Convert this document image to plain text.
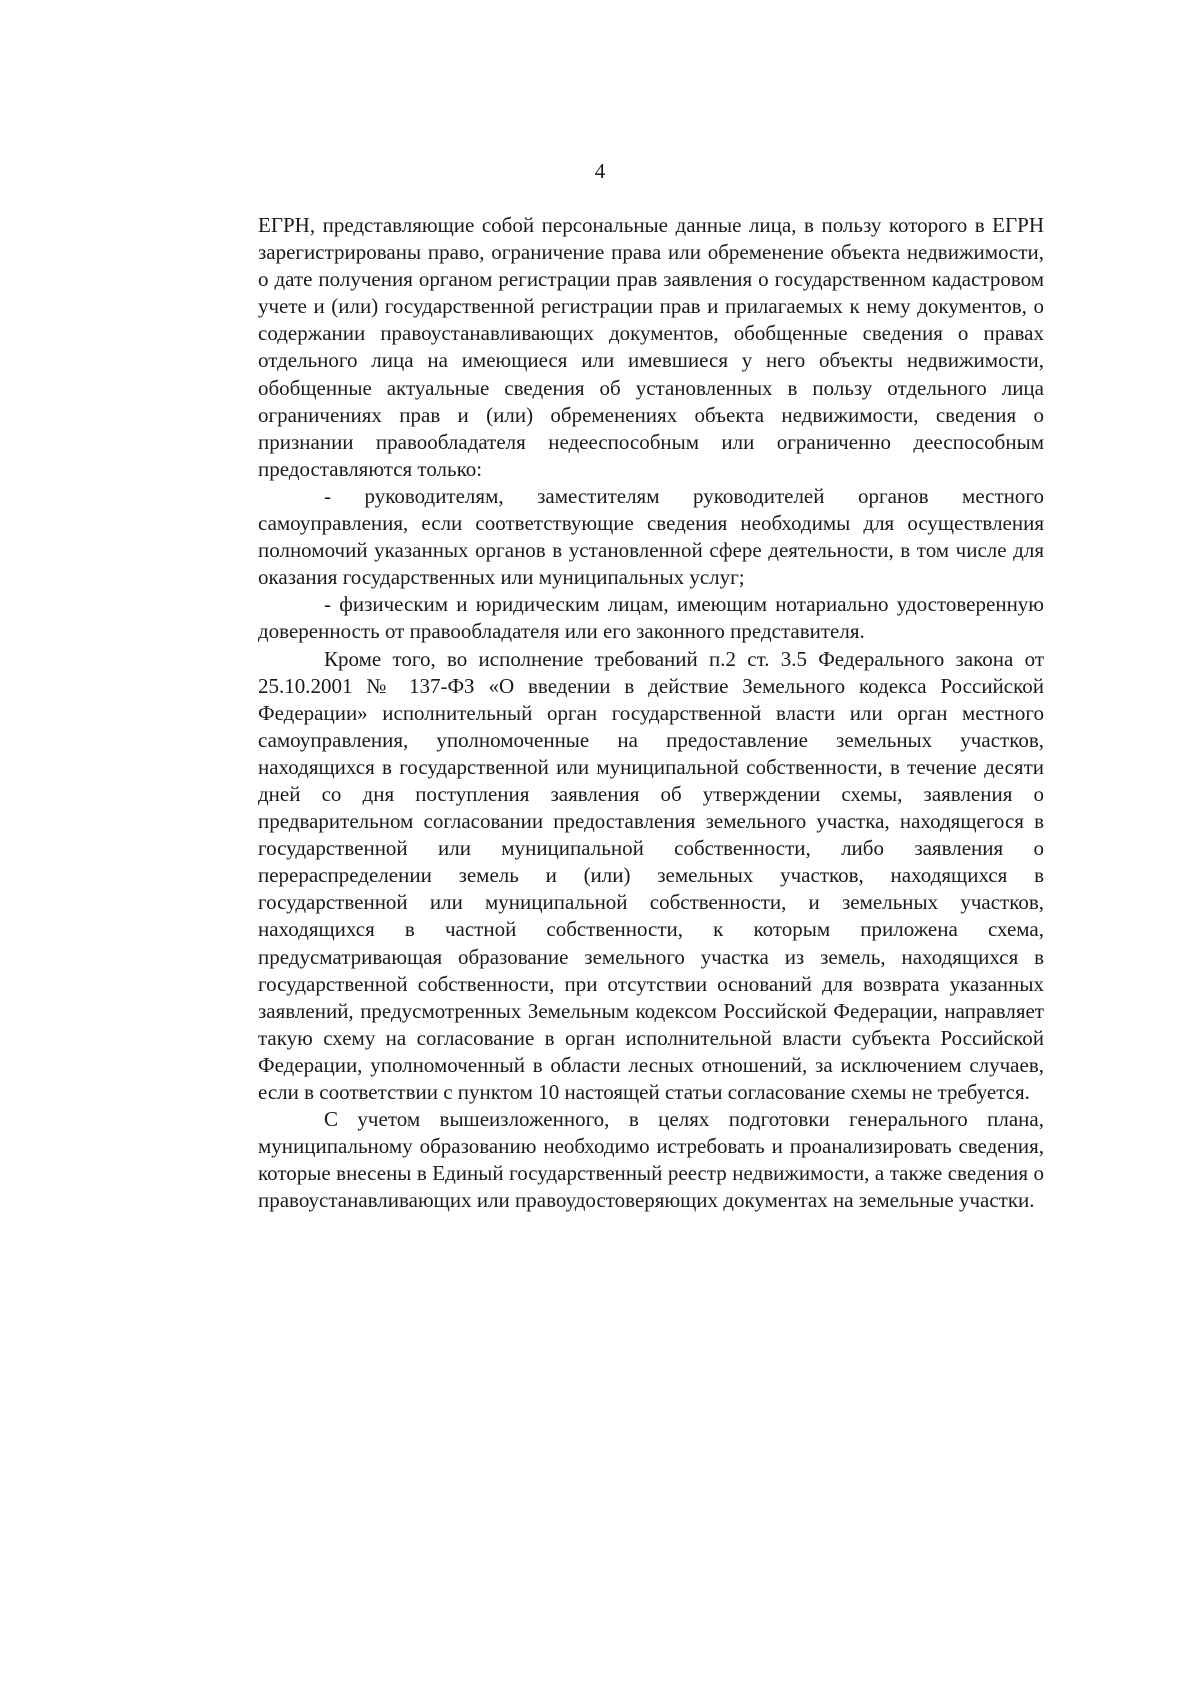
4

ЕГРН, представляющие собой персональные данные лица, в пользу которого в ЕГРН зарегистрированы право, ограничение права или обременение объекта недвижимости, о дате получения органом регистрации прав заявления о государственном кадастровом учете и (или) государственной регистрации прав и прилагаемых к нему документов, о содержании правоустанавливающих документов, обобщенные сведения о правах отдельного лица на имеющиеся или имевшиеся у него объекты недвижимости, обобщенные актуальные сведения об установленных в пользу отдельного лица ограничениях прав и (или) обременениях объекта недвижимости, сведения о признании правообладателя недееспособным или ограниченно дееспособным предоставляются только:

- руководителям, заместителям руководителей органов местного самоуправления, если соответствующие сведения необходимы для осуществления полномочий указанных органов в установленной сфере деятельности, в том числе для оказания государственных или муниципальных услуг;

- физическим и юридическим лицам, имеющим нотариально удостоверенную доверенность от правообладателя или его законного представителя.

Кроме того, во исполнение требований п.2 ст. 3.5 Федерального закона от 25.10.2001 № 137-ФЗ «О введении в действие Земельного кодекса Российской Федерации» исполнительный орган государственной власти или орган местного самоуправления, уполномоченные на предоставление земельных участков, находящихся в государственной или муниципальной собственности, в течение десяти дней со дня поступления заявления об утверждении схемы, заявления о предварительном согласовании предоставления земельного участка, находящегося в государственной или муниципальной собственности, либо заявления о перераспределении земель и (или) земельных участков, находящихся в государственной или муниципальной собственности, и земельных участков, находящихся в частной собственности, к которым приложена схема, предусматривающая образование земельного участка из земель, находящихся в государственной собственности, при отсутствии оснований для возврата указанных заявлений, предусмотренных Земельным кодексом Российской Федерации, направляет такую схему на согласование в орган исполнительной власти субъекта Российской Федерации, уполномоченный в области лесных отношений, за исключением случаев, если в соответствии с пунктом 10 настоящей статьи согласование схемы не требуется.

С учетом вышеизложенного, в целях подготовки генерального плана, муниципальному образованию необходимо истребовать и проанализировать сведения, которые внесены в Единый государственный реестр недвижимости, а также сведения о правоустанавливающих или правоудостоверяющих документах на земельные участки.
